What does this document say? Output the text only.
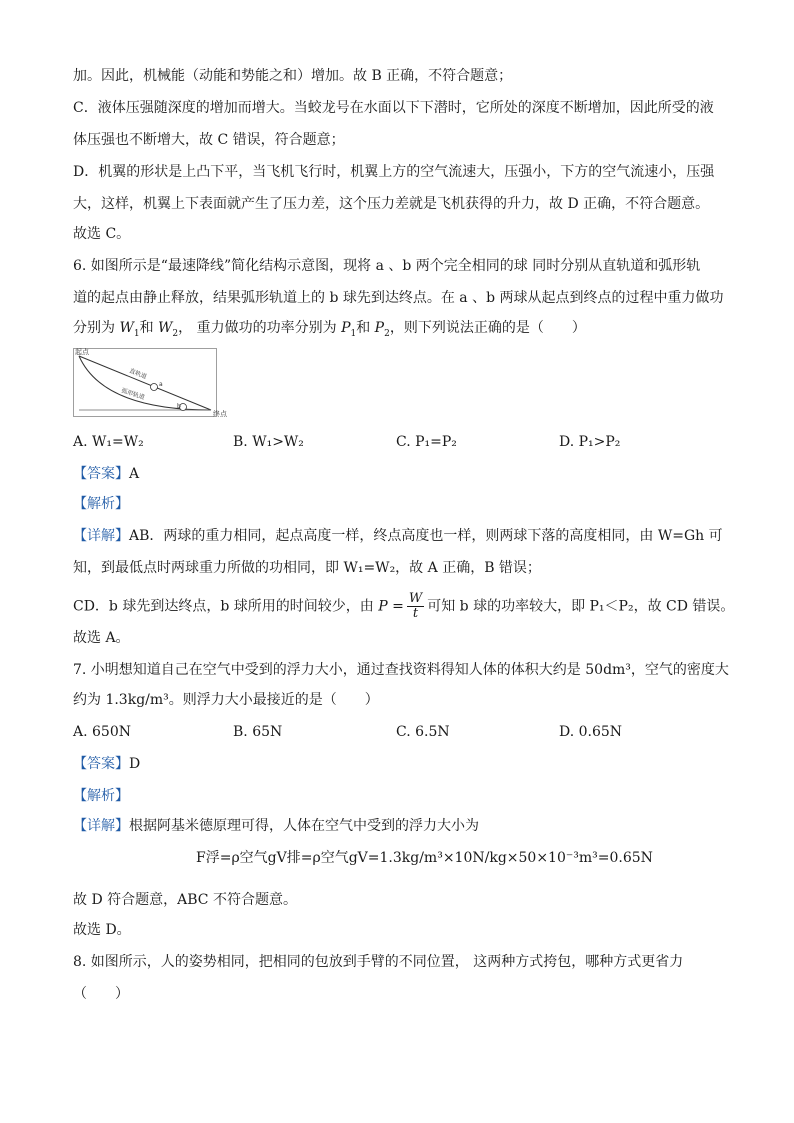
加。因此，机械能（动能和势能之和）增加。故 B 正确，不符合题意；
C．液体压强随深度的增加而增大。当蛟龙号在水面以下下潜时，它所处的深度不断增加，因此所受的液
体压强也不断增大，故 C 错误，符合题意；
D．机翼的形状是上凸下平，当飞机飞行时，机翼上方的空气流速大，压强小，下方的空气流速小，压强
大，这样，机翼上下表面就产生了压力差，这个压力差就是飞机获得的升力，故 D 正确，不符合题意。
故选 C。
6. 如图所示是“最速降线”简化结构示意图，现将 a 、b 两个完全相同的球 同时分别从直轨道和弧形轨
道的起点由静止释放，结果弧形轨道上的 b 球先到达终点。在 a 、b 两球从起点到终点的过程中重力做功
分别为 $W_1$和 $W_2$， 重力做功的功率分别为 $P_1$和 $P_2$，则下列说法正确的是（　　）
起点
终点
直轨道
弧形轨道
a
b
A. W₁=W₂	B. W₁>W₂	C. P₁=P₂	D. P₁>P₂
【答案】A
【解析】
【详解】AB．两球的重力相同，起点高度一样，终点高度也一样，则两球下落的高度相同，由 W=Gh 可
知，到最低点时两球重力所做的功相同，即 W₁=W₂，故 A 正确，B 错误；
CD．b 球先到达终点，b 球所用的时间较少，由 $P = \frac{W}{t}$ 可知 b 球的功率较大，即 P₁＜P₂，故 CD 错误。
故选 A。
7. 小明想知道自己在空气中受到的浮力大小，通过查找资料得知人体的体积大约是 50dm³，空气的密度大
约为 1.3kg/m³。则浮力大小最接近的是（　　）
A. 650N	B. 65N	C. 6.5N	D. 0.65N
【答案】D
【解析】
【详解】根据阿基米德原理可得，人体在空气中受到的浮力大小为
F浮=ρ空气gV排=ρ空气gV=1.3kg/m³×10N/kg×50×10⁻³m³=0.65N
故 D 符合题意，ABC 不符合题意。
故选 D。
8. 如图所示，人的姿势相同，把相同的包放到手臂的不同位置， 这两种方式挎包，哪种方式更省力
（　　）
